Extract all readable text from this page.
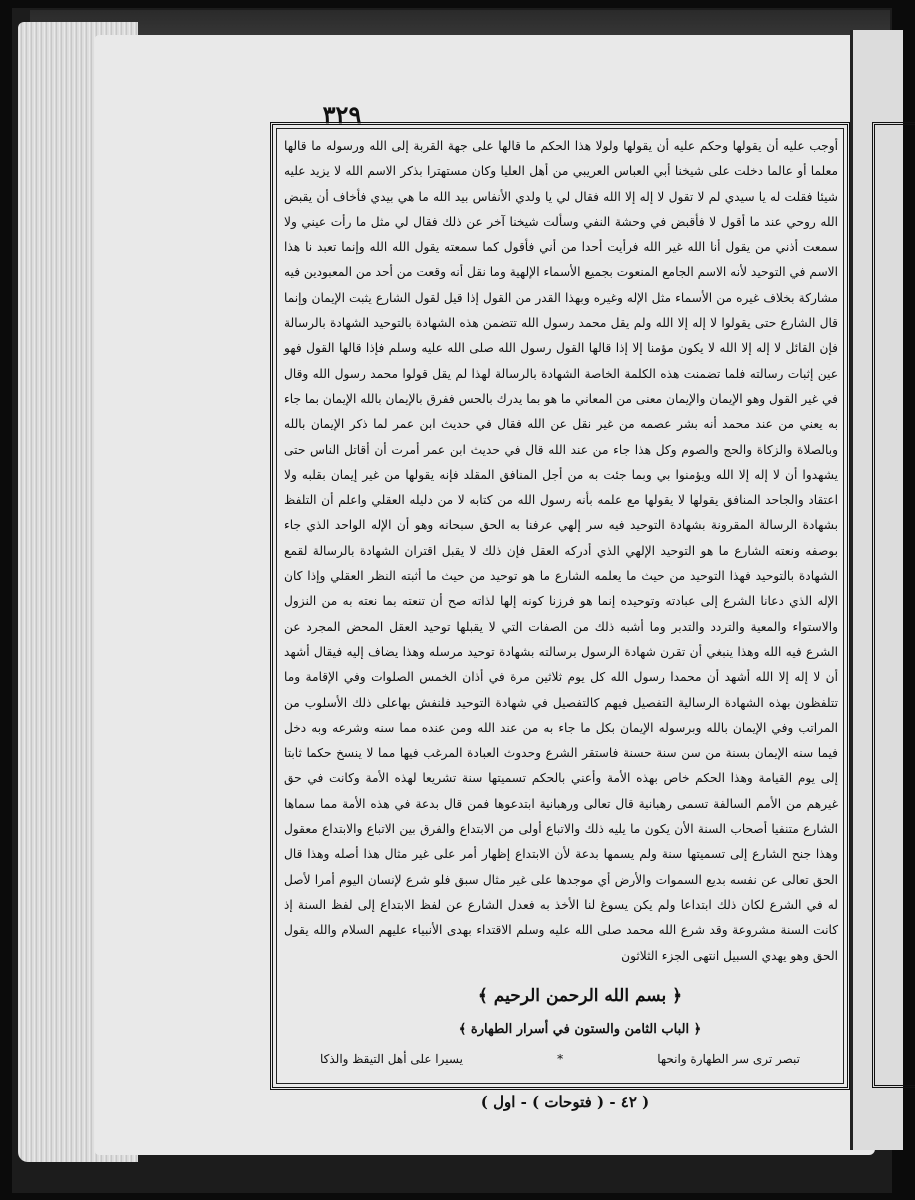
٣٢٩
أوجب عليه أن يقولها وحكم عليه أن يقولها ولولا هذا الحكم ما قالها على جهة القربة إلى الله ورسوله ما قالها معلما أو عالما دخلت على شيخنا أبي العباس العريبي من أهل العليا وكان مستهترا بذكر الاسم الله لا يزيد عليه شيئا فقلت له يا سيدي لم لا تقول لا إله إلا الله فقال لي يا ولدي الأنفاس بيد الله ما هي بيدي فأخاف أن يقبض الله روحي عند ما أقول لا فأقبض في وحشة النفي وسألت شيخنا آخر عن ذلك فقال لي مثل ما رأت عيني ولا سمعت أذني من يقول أنا الله غير الله فرأيت أحدا من أني فأقول كما سمعته يقول الله الله وإنما تعبد نا هذا الاسم في التوحيد لأنه الاسم الجامع المنعوت بجميع الأسماء الإلهية وما نقل أنه وقعت من أحد من المعبودين فيه مشاركة بخلاف غيره من الأسماء مثل الإله وغيره وبهذا القدر من القول إذا قيل لقول الشارع يثبت الإيمان وإنما قال الشارع حتى يقولوا لا إله إلا الله ولم يقل محمد رسول الله تتضمن هذه الشهادة بالتوحيد الشهادة بالرسالة فإن القائل لا إله إلا الله لا يكون مؤمنا إلا إذا قالها القول رسول الله صلى الله عليه وسلم فإذا قالها القول فهو عين إثبات رسالته فلما تضمنت هذه الكلمة الخاصة الشهادة بالرسالة لهذا لم يقل قولوا محمد رسول الله وقال في غير القول وهو الإيمان والإيمان معنى من المعاني ما هو بما يدرك بالحس ففرق بالإيمان بالله الإيمان بما جاء به يعني من عند محمد أنه بشر عصمه من غير نقل عن الله فقال في حديث ابن عمر لما ذكر الإيمان بالله وبالصلاة والزكاة والحج والصوم وكل هذا جاء من عند الله قال في حديث ابن عمر أمرت أن أقاتل الناس حتى يشهدوا أن لا إله إلا الله ويؤمنوا بي وبما جئت به من أجل المنافق المقلد فإنه يقولها من غير إيمان بقلبه ولا اعتقاد والجاحد المنافق يقولها لا يقولها مع علمه بأنه رسول الله من كتابه لا من دليله العقلي واعلم أن التلفظ بشهادة الرسالة المقرونة بشهادة التوحيد فيه سر إلهي عرفنا به الحق سبحانه وهو أن الإله الواحد الذي جاء بوصفه ونعته الشارع ما هو التوحيد الإلهي الذي أدركه العقل فإن ذلك لا يقبل اقتران الشهادة بالرسالة لقمع الشهادة بالتوحيد فهذا التوحيد من حيث ما يعلمه الشارع ما هو توحيد من حيث ما أثبته النظر العقلي وإذا كان الإله الذي دعانا الشرع إلى عبادته وتوحيده إنما هو فرزنا كونه إلها لذاته صح أن تنعته بما نعته به من النزول والاستواء والمعية والتردد والتدبر وما أشبه ذلك من الصفات التي لا يقبلها توحيد العقل المحض المجرد عن الشرع فيه الله وهذا ينبغي أن تقرن شهادة الرسول برسالته بشهادة توحيد مرسله وهذا يضاف إليه فيقال أشهد أن لا إله إلا الله أشهد أن محمدا رسول الله كل يوم ثلاثين مرة في أذان الخمس الصلوات وفي الإقامة وما تتلفظون بهذه الشهادة الرسالية التفصيل فيهم كالتفصيل في شهادة التوحيد فلنفش بهاعلى ذلك الأسلوب من المراتب وفي الإيمان بالله وبرسوله الإيمان بكل ما جاء به من عند الله ومن عنده مما سنه وشرعه وبه دخل فيما سنه الإيمان بسنة من سن سنة حسنة فاستقر الشرع وحدوث العبادة المرغب فيها مما لا ينسخ حكما ثابتا إلى يوم القيامة وهذا الحكم خاص بهذه الأمة وأعني بالحكم تسميتها سنة تشريعا لهذه الأمة وكانت في حق غيرهم من الأمم السالفة تسمى رهبانية قال تعالى ورهبانية ابتدعوها فمن قال بدعة في هذه الأمة مما سماها الشارع متنفيا أصحاب السنة الأن يكون ما يليه ذلك والاتباع أولى من الابتداع والفرق بين الاتباع والابتداع معقول وهذا جنح الشارع إلى تسميتها سنة ولم يسمها بدعة لأن الابتداع إظهار أمر على غير مثال هذا أصله وهذا قال الحق تعالى عن نفسه بديع السموات والأرض أي موجدها على غير مثال سبق فلو شرع لإنسان اليوم أمرا لأصل له في الشرع لكان ذلك ابتداعا ولم يكن يسوغ لنا الأخذ به فعدل الشارع عن لفظ الابتداع إلى لفظ السنة إذ كانت السنة مشروعة وقد شرع الله محمد صلى الله عليه وسلم الاقتداء بهدى الأنبياء عليهم السلام والله يقول الحق وهو يهدي السبيل انتهى الجزء الثلاثون
﴿ بسم الله الرحمن الرحيم ﴾
﴿ الباب الثامن والستون في أسرار الطهارة ﴾
تبصر ترى سر الطهارة وانحها
*
يسيرا على أهل التيقظ والذكا
( ٤٢ - ( فتوحات ) - اول )
